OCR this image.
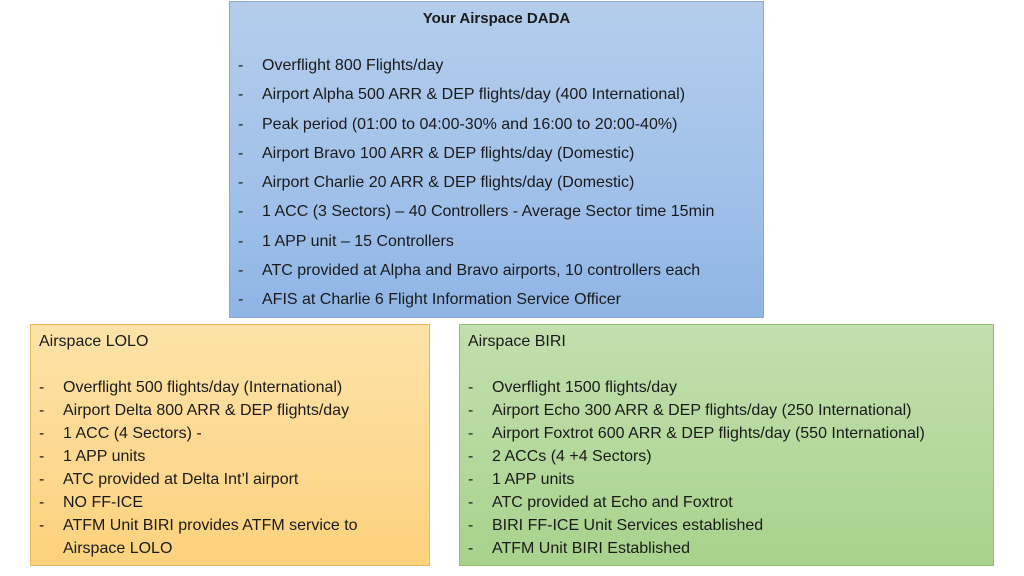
Your Airspace DADA
- Overflight 800 Flights/day
- Airport Alpha 500 ARR & DEP flights/day (400 International)
- Peak period (01:00 to 04:00-30% and 16:00 to 20:00-40%)
- Airport Bravo 100 ARR & DEP flights/day (Domestic)
- Airport Charlie 20 ARR & DEP flights/day (Domestic)
- 1 ACC (3 Sectors) – 40 Controllers - Average Sector time 15min
- 1 APP unit – 15 Controllers
- ATC provided at Alpha and Bravo airports, 10 controllers each
- AFIS at Charlie 6 Flight Information Service Officer
Airspace LOLO
- Overflight 500 flights/day (International)
- Airport Delta 800 ARR & DEP flights/day
- 1 ACC (4 Sectors) -
- 1 APP units
- ATC provided at Delta Int’l airport
- NO FF-ICE
- ATFM Unit BIRI provides ATFM service to Airspace LOLO
Airspace BIRI
- Overflight 1500 flights/day
- Airport Echo 300 ARR & DEP flights/day (250 International)
- Airport Foxtrot 600 ARR & DEP flights/day (550 International)
- 2 ACCs (4 +4 Sectors)
- 1 APP units
- ATC provided at Echo and Foxtrot
- BIRI FF-ICE Unit Services established
- ATFM Unit BIRI Established
